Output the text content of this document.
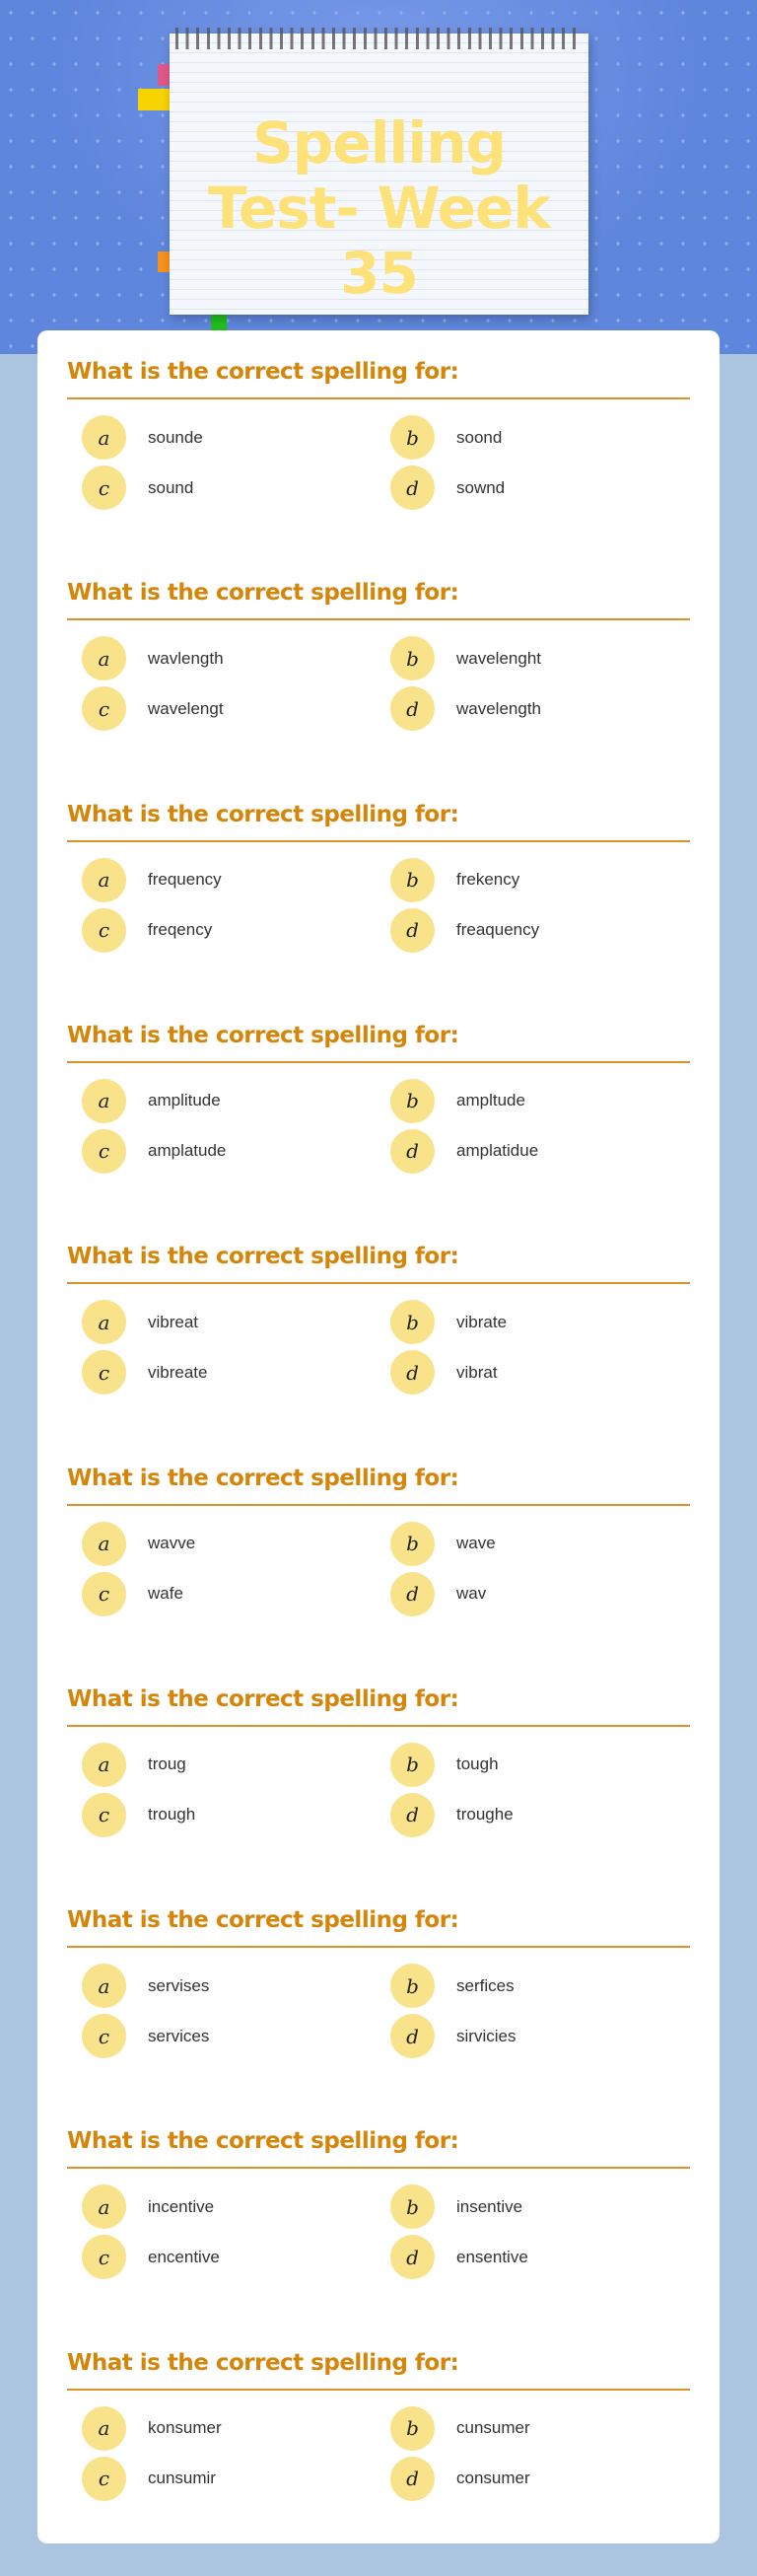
Spelling Test- Week 35
What is the correct spelling for:
a	sounde	b	soond
c	sound	d	sownd
What is the correct spelling for:
a	wavlength	b	wavelenght
c	wavelengt	d	wavelength
What is the correct spelling for:
a	frequency	b	frekency
c	freqency	d	freaquency
What is the correct spelling for:
a	amplitude	b	ampltude
c	amplatude	d	amplatidue
What is the correct spelling for:
a	vibreat	b	vibrate
c	vibreate	d	vibrat
What is the correct spelling for:
a	wavve	b	wave
c	wafe	d	wav
What is the correct spelling for:
a	troug	b	tough
c	trough	d	troughe
What is the correct spelling for:
a	servises	b	serfices
c	services	d	sirvicies
What is the correct spelling for:
a	incentive	b	insentive
c	encentive	d	ensentive
What is the correct spelling for:
a	konsumer	b	cunsumer
c	cunsumir	d	consumer
